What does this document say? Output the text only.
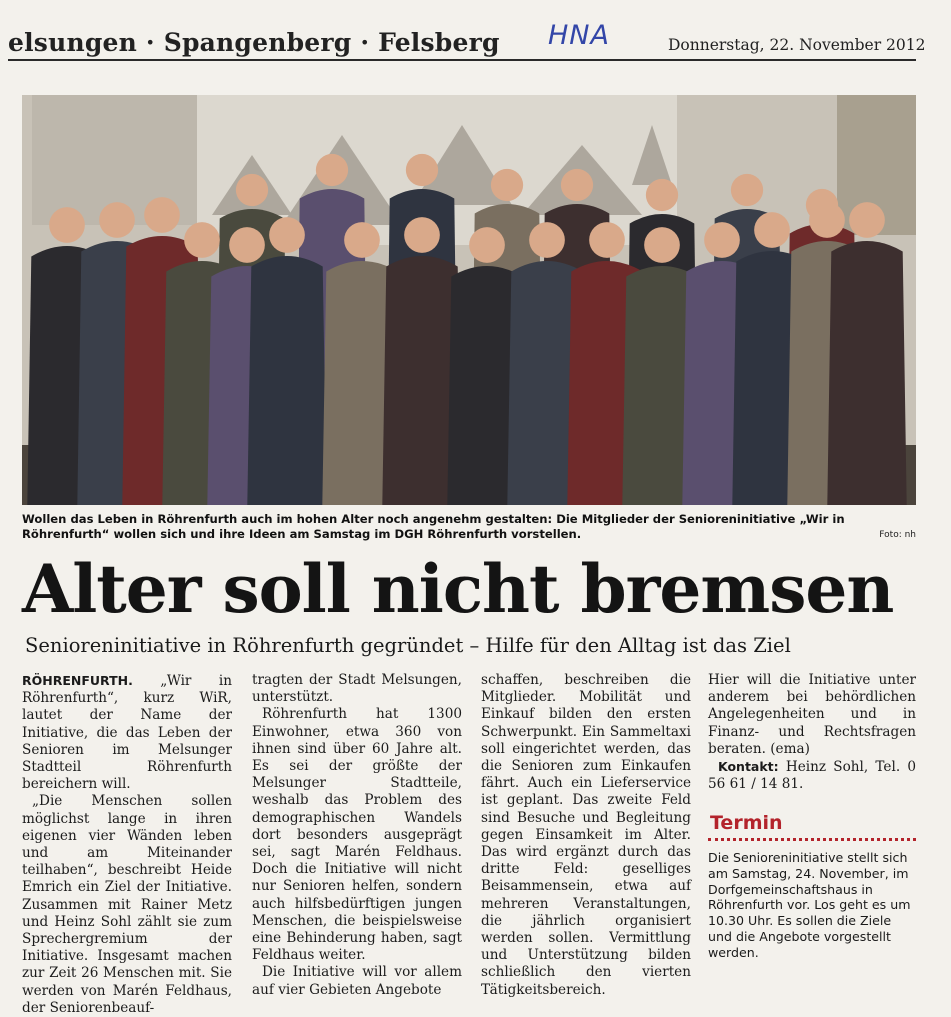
elsungen · Spangenberg · Felsberg HNA	Donnerstag, 22. November 2012
Wollen das Leben in Röhrenfurth auch im hohen Alter noch angenehm gestalten: Die Mitglieder der Senioreninitiative „Wir in Röhrenfurth“ wollen sich und ihre Ideen am Samstag im DGH Röhrenfurth vorstellen.	Foto: nh
Alter soll nicht bremsen
Senioreninitiative in Röhrenfurth gegründet – Hilfe für den Alltag ist das Ziel

RÖHRENFURTH. „Wir in Röhrenfurth“, kurz WiR, lautet der Name der Initiative, die das Leben der Senioren im Melsunger Stadtteil Röhrenfurth bereichern will.

„Die Menschen sollen möglichst lange in ihren eigenen vier Wänden leben und am Miteinander teilhaben“, beschreibt Heide Emrich ein Ziel der Initiative. Zusammen mit Rainer Metz und Heinz Sohl zählt sie zum Sprechergremium der Initiative. Insgesamt machen zur Zeit 26 Menschen mit. Sie werden von Marén Feldhaus, der Seniorenbeauf-

tragten der Stadt Melsungen, unterstützt.

Röhrenfurth hat 1300 Einwohner, etwa 360 von ihnen sind über 60 Jahre alt. Es sei der größte der Melsunger Stadtteile, weshalb das Problem des demographischen Wandels dort besonders ausgeprägt sei, sagt Marén Feldhaus. Doch die Initiative will nicht nur Senioren helfen, sondern auch hilfsbedürftigen jungen Menschen, die beispielsweise eine Behinderung haben, sagt Feldhaus weiter.

Die Initiative will vor allem auf vier Gebieten Angebote

schaffen, beschreiben die Mitglieder. Mobilität und Einkauf bilden den ersten Schwerpunkt. Ein Sammeltaxi soll eingerichtet werden, das die Senioren zum Einkaufen fährt. Auch ein Lieferservice ist geplant. Das zweite Feld sind Besuche und Begleitung gegen Einsamkeit im Alter. Das wird ergänzt durch das dritte Feld: geselliges Beisammensein, etwa auf mehreren Veranstaltungen, die jährlich organisiert werden sollen. Vermittlung und Unterstützung bilden schließlich den vierten Tätigkeitsbereich.

Hier will die Initiative unter anderem bei behördlichen Angelegenheiten und in Finanz- und Rechtsfragen beraten. (ema)

Kontakt: Heinz Sohl, Tel. 0 56 61 / 14 81.

Termin
Die Senioreninitiative stellt sich am Samstag, 24. November, im Dorfgemeinschaftshaus in Röhrenfurth vor. Los geht es um 10.30 Uhr. Es sollen die Ziele und die Angebote vorgestellt werden.
